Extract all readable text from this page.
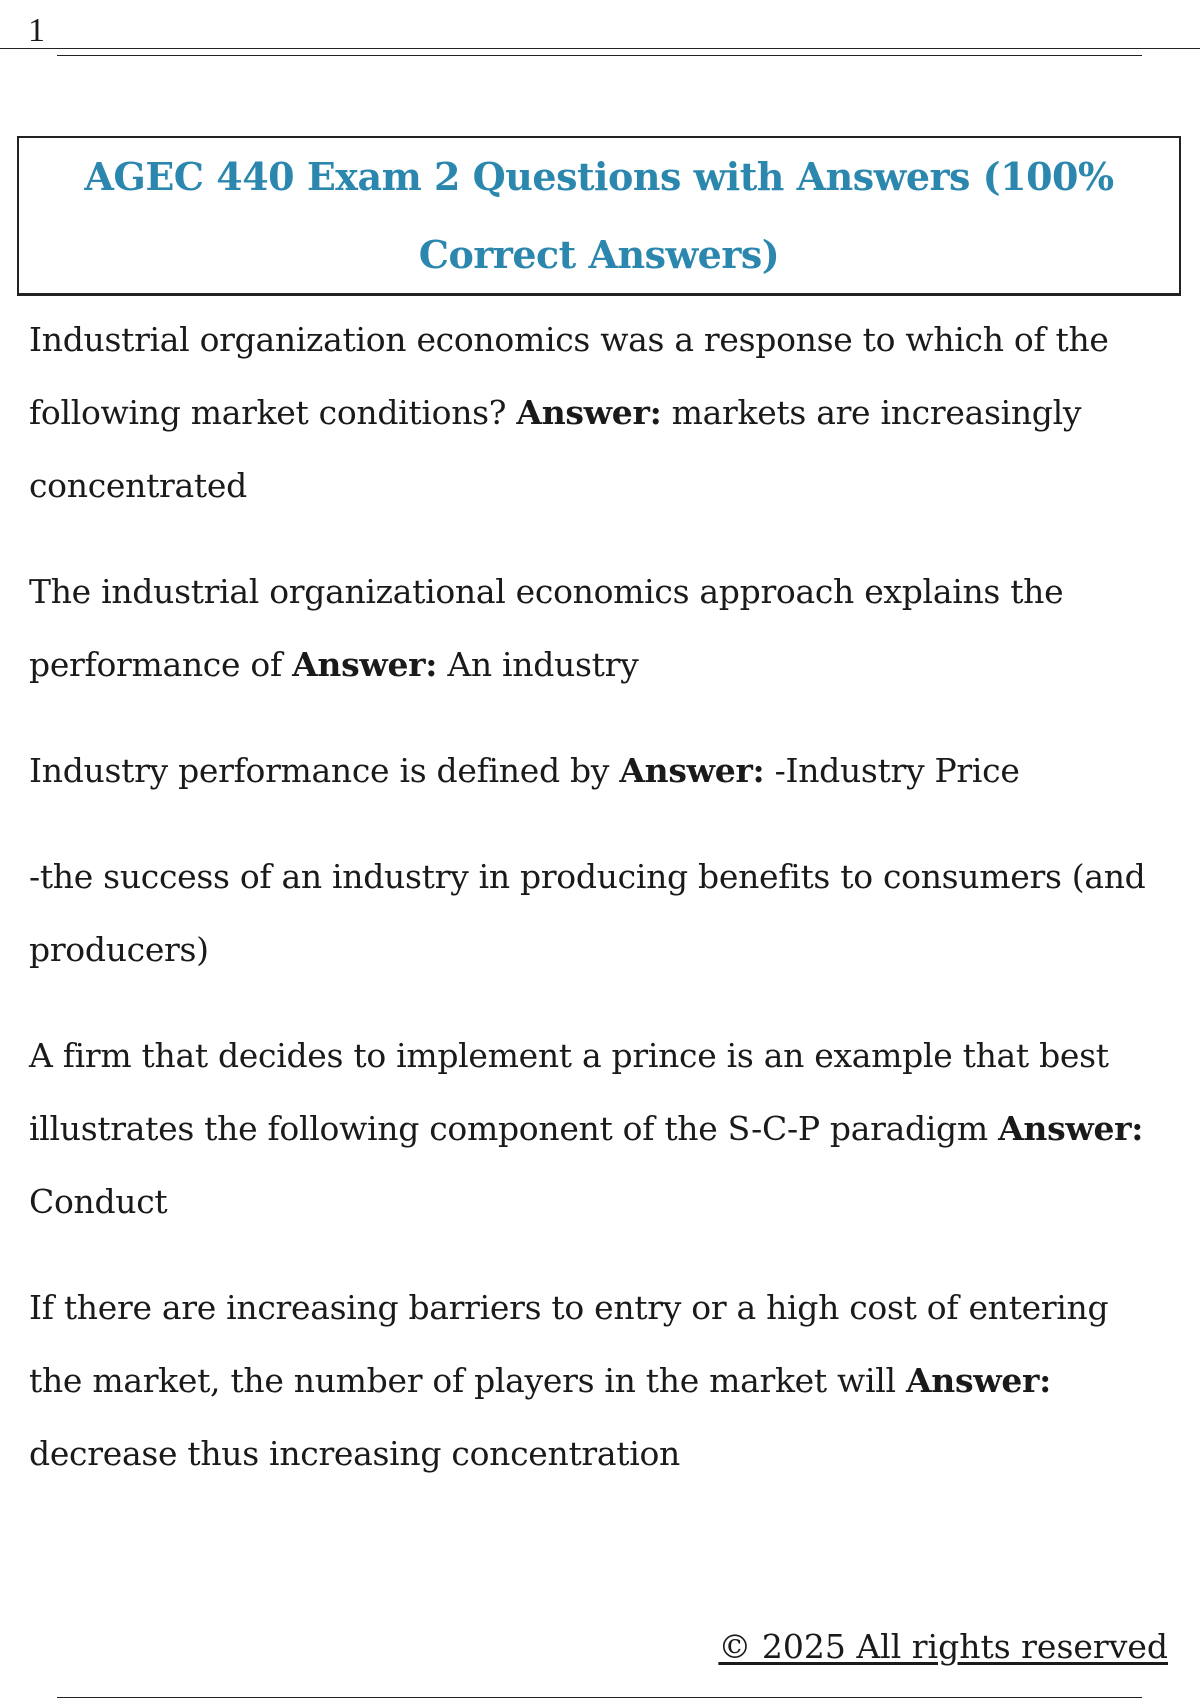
1
AGEC 440 Exam 2 Questions with Answers (100% Correct Answers)

Industrial organization economics was a response to which of the following market conditions? Answer: markets are increasingly concentrated

The industrial organizational economics approach explains the performance of Answer: An industry

Industry performance is defined by Answer: -Industry Price

-the success of an industry in producing benefits to consumers (and producers)

A firm that decides to implement a prince is an example that best illustrates the following component of the S-C-P paradigm Answer: Conduct

If there are increasing barriers to entry or a high cost of entering the market, the number of players in the market will Answer: decrease thus increasing concentration

© 2025 All rights reserved
